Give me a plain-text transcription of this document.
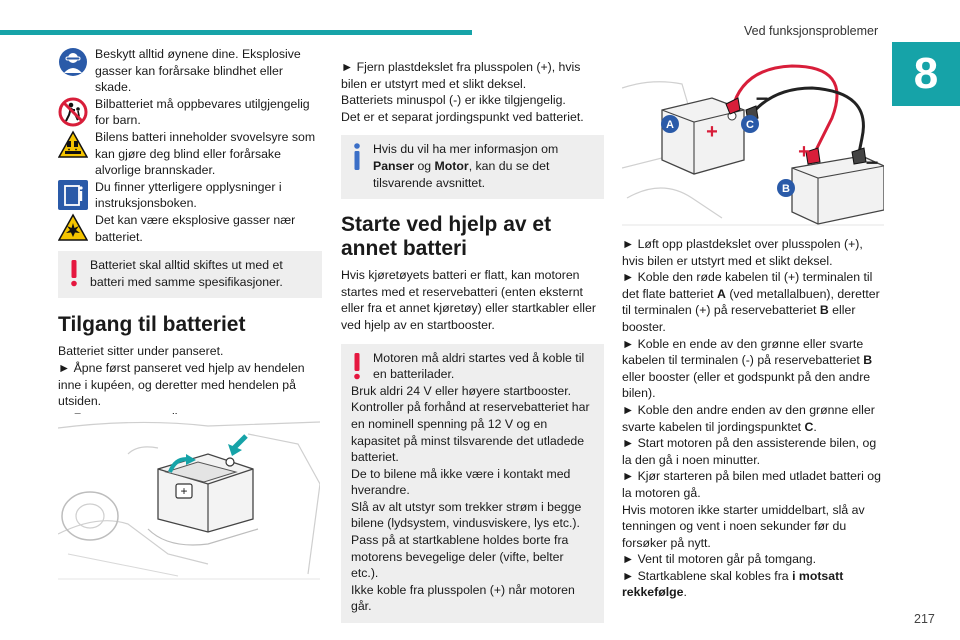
Ved funksjonsproblemer
8
217

Beskytt alltid øynene dine. Eksplosive gasser kan forårsake blindhet eller skade.

Bilbatteriet må oppbevares utilgjengelig for barn.

Bilens batteri inneholder svovelsyre som kan gjøre deg blind eller forårsake

alvorlige brannskader.

Du finner ytterligere opplysninger i instruksjonsboken.

Det kan være eksplosive gasser nær batteriet.

Batteriet skal alltid skiftes ut med et batteri med samme spesifikasjoner.

Tilgang til batteriet

Batteriet sitter under panseret.

► Åpne først panseret ved hjelp av hendelen inne i kupéen, og deretter med hendelen på utsiden.

+

► Fjern plastdekslet fra plusspolen (+), hvis bilen er utstyrt med et slikt deksel.

Batteriets minuspol (-) er ikke tilgjengelig.

Det er et separat jordingspunkt ved batteriet.

Hvis du vil ha mer informasjon om Panser og Motor, kan du se det tilsvarende avsnittet.

Starte ved hjelp av et annet batteri

Hvis kjøretøyets batteri er flatt, kan motoren startes med et reservebatteri (enten eksternt eller fra et annet kjøretøy) eller startkabler eller ved hjelp av en startbooster.

Motoren må aldri startes ved å koble til en batterilader.

Bruk aldri 24 V eller høyere startbooster.

Kontroller på forhånd at reservebatteriet har en nominell spenning på 12 V og en kapasitet på minst tilsvarende det utladede batteriet.

De to bilene må ikke være i kontakt med hverandre.

Slå av alt utstyr som trekker strøm i begge bilene (lydsystem, vindusviskere, lys etc.).

Pass på at startkablene holdes borte fra motorens bevegelige deler (vifte, belter etc.).

Ikke koble fra plusspolen (+) når motoren går.

A	C
B
+
−
+	−

► Løft opp plastdekslet over plusspolen (+), hvis bilen er utstyrt med et slikt deksel.

► Koble den røde kabelen til (+) terminalen til det flate batteriet A (ved metallalbuen), deretter til terminalen (+) på reservebatteriet B eller booster.

► Koble en ende av den grønne eller svarte kabelen til terminalen (-) på reservebatteriet B eller booster (eller et godspunkt på den andre bilen).

► Koble den andre enden av den grønne eller svarte kabelen til jordingspunktet C.

► Start motoren på den assisterende bilen, og la den gå i noen minutter.

► Kjør starteren på bilen med utladet batteri og la motoren gå.

Hvis motoren ikke starter umiddelbart, slå av tenningen og vent i noen sekunder før du forsøker på nytt.

► Vent til motoren går på tomgang.

► Startkablene skal kobles fra i motsatt rekkefølge.
